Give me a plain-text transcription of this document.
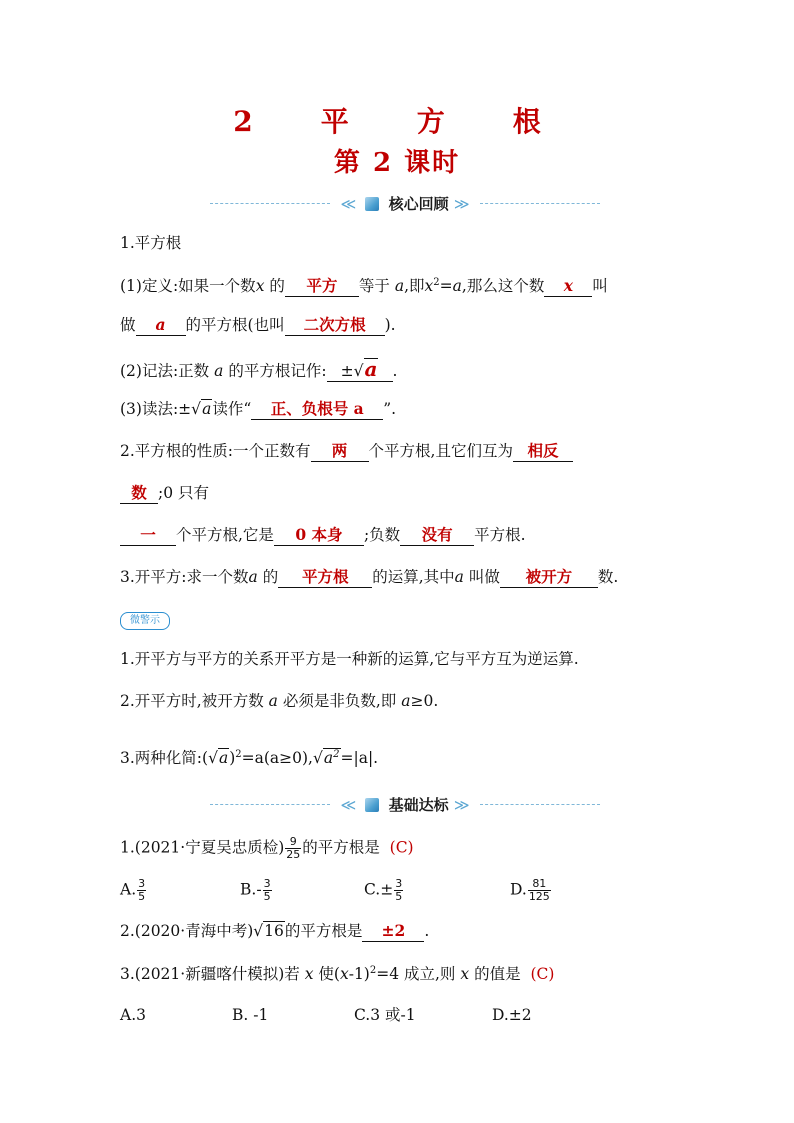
2　平　方　根
第 2 课时
≪ 核心回顾 ≫
1.平方根
(1)定义:如果一个数x 的 平方 等于 a,即$x^2=a$,那么这个数 x 叫
做 a 的平方根(也叫 二次方根 ).
(2)记法:正数 a 的平方根记作: ±√a .
(3)读法:±√a读作“ 正、负根号 a ”.
2.平方根的性质:一个正数有 两 个平方根,且它们互为 相反
数 ;0 只有
一 个平方根,它是 0 本身 ;负数 没有 平方根.
3.开平方:求一个数a 的 平方根 的运算,其中a 叫做 被开方 数.
微警示
1.开平方与平方的关系开平方是一种新的运算,它与平方互为逆运算.
2.开平方时,被开方数 a 必须是非负数,即 a≥0.
3.两种化简$:(√a)^2=a(a\ge 0),√a^2=|a|$.
≪ 基础达标 ≫
1.(2021·宁夏吴忠质检) $\frac{9}{25}$ 的平方根是 (C)
A. $\frac{3}{5}$	$B.- \frac{3}{5}$	$C.\pm \frac{3}{5}$	D. $\frac{81}{125}$
2.(2020·青海中考)√16的平方根是 ±2 .
3.(2021·新疆喀什模拟)若 x 使$(x-1)^2=4$ 成立,则 x 的值是 (C)
A.3	B. -1	C.3 或-1	D.±2
